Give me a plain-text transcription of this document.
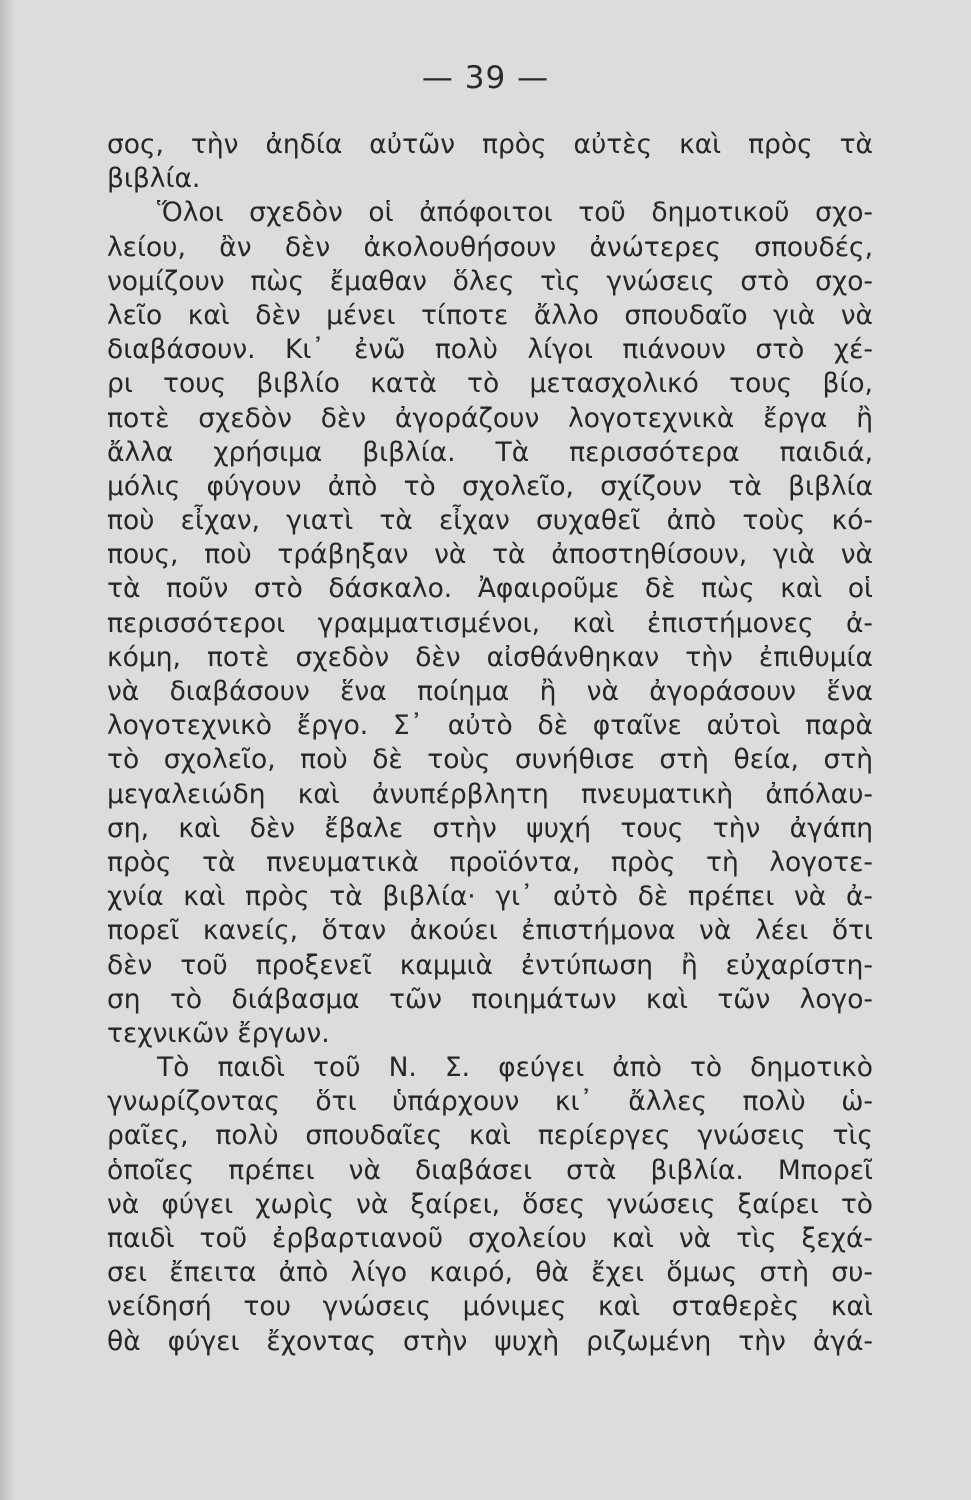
— 39 —
σος, τὴν ἀηδία αὐτῶν πρὸς αὐτὲς καὶ πρὸς τὰ
βιβλία.
Ὅλοι σχεδὸν οἱ ἀπόφοιτοι τοῦ δημοτικοῦ σχο-
λείου, ἂν δὲν ἀκολουθήσουν ἀνώτερες σπουδές,
νομίζουν πὼς ἔμαθαν ὅλες τὶς γνώσεις στὸ σχο-
λεῖο καὶ δὲν μένει τίποτε ἄλλο σπουδαῖο γιὰ νὰ
διαβάσουν. Κι᾿ ἐνῶ πολὺ λίγοι πιάνουν στὸ χέ-
ρι τους βιβλίο κατὰ τὸ μετασχολικό τους βίο,
ποτὲ σχεδὸν δὲν ἀγοράζουν λογοτεχνικὰ ἔργα ἢ
ἄλλα χρήσιμα βιβλία. Τὰ περισσότερα παιδιά,
μόλις φύγουν ἀπὸ τὸ σχολεῖο, σχίζουν τὰ βιβλία
ποὺ εἶχαν, γιατὶ τὰ εἶχαν συχαθεῖ ἀπὸ τοὺς κό-
πους, ποὺ τράβηξαν νὰ τὰ ἀποστηθίσουν, γιὰ νὰ
τὰ ποῦν στὸ δάσκαλο. Ἀφαιροῦμε δὲ πὼς καὶ οἱ
περισσότεροι γραμματισμένοι, καὶ ἐπιστήμονες ἀ-
κόμη, ποτὲ σχεδὸν δὲν αἰσθάνθηκαν τὴν ἐπιθυμία
νὰ διαβάσουν ἕνα ποίημα ἢ νὰ ἀγοράσουν ἕνα
λογοτεχνικὸ ἔργο. Σ᾿ αὐτὸ δὲ φταῖνε αὐτοὶ παρὰ
τὸ σχολεῖο, ποὺ δὲ τοὺς συνήθισε στὴ θεία, στὴ
μεγαλειώδη καὶ ἀνυπέρβλητη πνευματικὴ ἀπόλαυ-
ση, καὶ δὲν ἔβαλε στὴν ψυχή τους τὴν ἀγάπη
πρὸς τὰ πνευματικὰ προϊόντα, πρὸς τὴ λογοτε-
χνία καὶ πρὸς τὰ βιβλία· γι᾿ αὐτὸ δὲ πρέπει νὰ ἀ-
πορεῖ κανείς, ὅταν ἀκούει ἐπιστήμονα νὰ λέει ὅτι
δὲν τοῦ προξενεῖ καμμιὰ ἐντύπωση ἢ εὐχαρίστη-
ση τὸ διάβασμα τῶν ποιημάτων καὶ τῶν λογο-
τεχνικῶν ἔργων.
Τὸ παιδὶ τοῦ Ν. Σ. φεύγει ἀπὸ τὸ δημοτικὸ
γνωρίζοντας ὅτι ὑπάρχουν κι᾿ ἄλλες πολὺ ὡ-
ραῖες, πολὺ σπουδαῖες καὶ περίεργες γνώσεις τὶς
ὁποῖες πρέπει νὰ διαβάσει στὰ βιβλία. Μπορεῖ
νὰ φύγει χωρὶς νὰ ξαίρει, ὅσες γνώσεις ξαίρει τὸ
παιδὶ τοῦ ἐρβαρτιανοῦ σχολείου καὶ νὰ τὶς ξεχά-
σει ἔπειτα ἀπὸ λίγο καιρό, θὰ ἔχει ὅμως στὴ συ-
νείδησή του γνώσεις μόνιμες καὶ σταθερὲς καὶ
θὰ φύγει ἔχοντας στὴν ψυχὴ ριζωμένη τὴν ἀγά-
